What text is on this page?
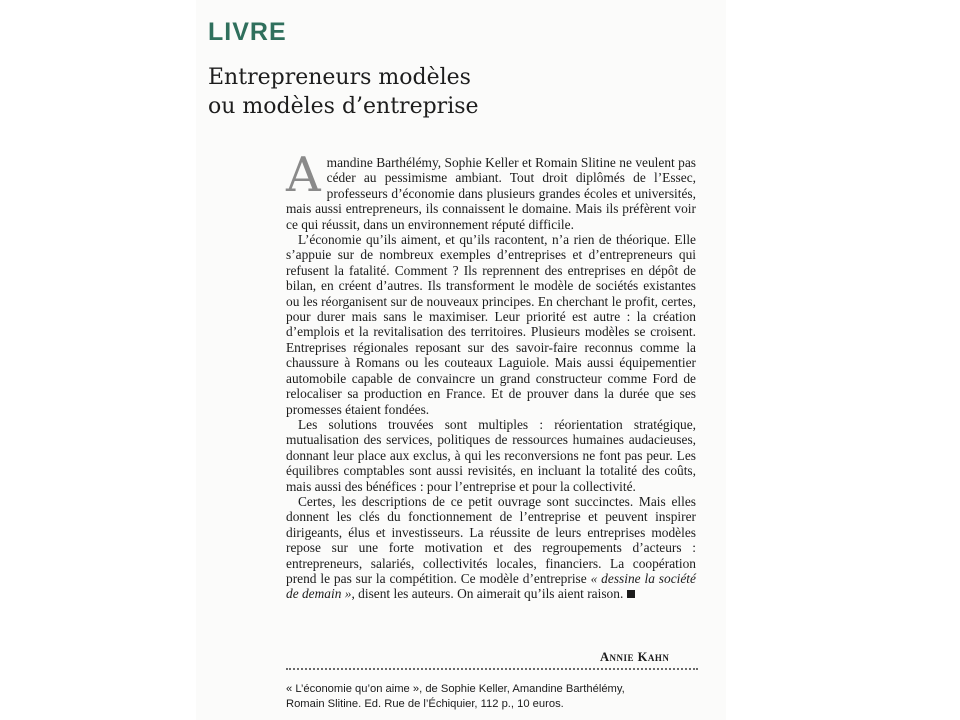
LIVRE
Entrepreneurs modèles
ou modèles d’entreprise

Amandine Barthélémy, Sophie Keller et Romain Slitine ne veulent pas céder au pessimisme ambiant. Tout droit diplômés de l’Essec, professeurs d’économie dans plusieurs grandes écoles et universités, mais aussi entrepreneurs, ils connaissent le domaine. Mais ils préfèrent voir ce qui réussit, dans un environnement réputé difficile.

L’économie qu’ils aiment, et qu’ils racontent, n’a rien de théorique. Elle s’appuie sur de nombreux exemples d’entreprises et d’entrepreneurs qui refusent la fatalité. Comment ? Ils reprennent des entreprises en dépôt de bilan, en créent d’autres. Ils transforment le modèle de sociétés existantes ou les réorganisent sur de nouveaux principes. En cherchant le profit, certes, pour durer mais sans le maximiser. Leur priorité est autre : la création d’emplois et la revitalisation des territoires. Plusieurs modèles se croisent. Entreprises régionales reposant sur des savoir-faire reconnus comme la chaussure à Romans ou les couteaux Laguiole. Mais aussi équipementier automobile capable de convaincre un grand constructeur comme Ford de relocaliser sa production en France. Et de prouver dans la durée que ses promesses étaient fondées.

Les solutions trouvées sont multiples : réorientation stratégique, mutualisation des services, politiques de ressources humaines audacieuses, donnant leur place aux exclus, à qui les reconversions ne font pas peur. Les équilibres comptables sont aussi revisités, en incluant la totalité des coûts, mais aussi des bénéfices : pour l’entreprise et pour la collectivité.

Certes, les descriptions de ce petit ouvrage sont succinctes. Mais elles donnent les clés du fonctionnement de l’entreprise et peuvent inspirer dirigeants, élus et investisseurs. La réussite de leurs entreprises modèles repose sur une forte motivation et des regroupements d’acteurs : entrepreneurs, salariés, collectivités locales, financiers. La coopération prend le pas sur la compétition. Ce modèle d’entreprise « dessine la société de demain », disent les auteurs. On aimerait qu’ils aient raison.

Annie Kahn
« L’économie qu’on aime », de Sophie Keller, Amandine Barthélémy,
Romain Slitine. Ed. Rue de l’Échiquier, 112 p., 10 euros.
